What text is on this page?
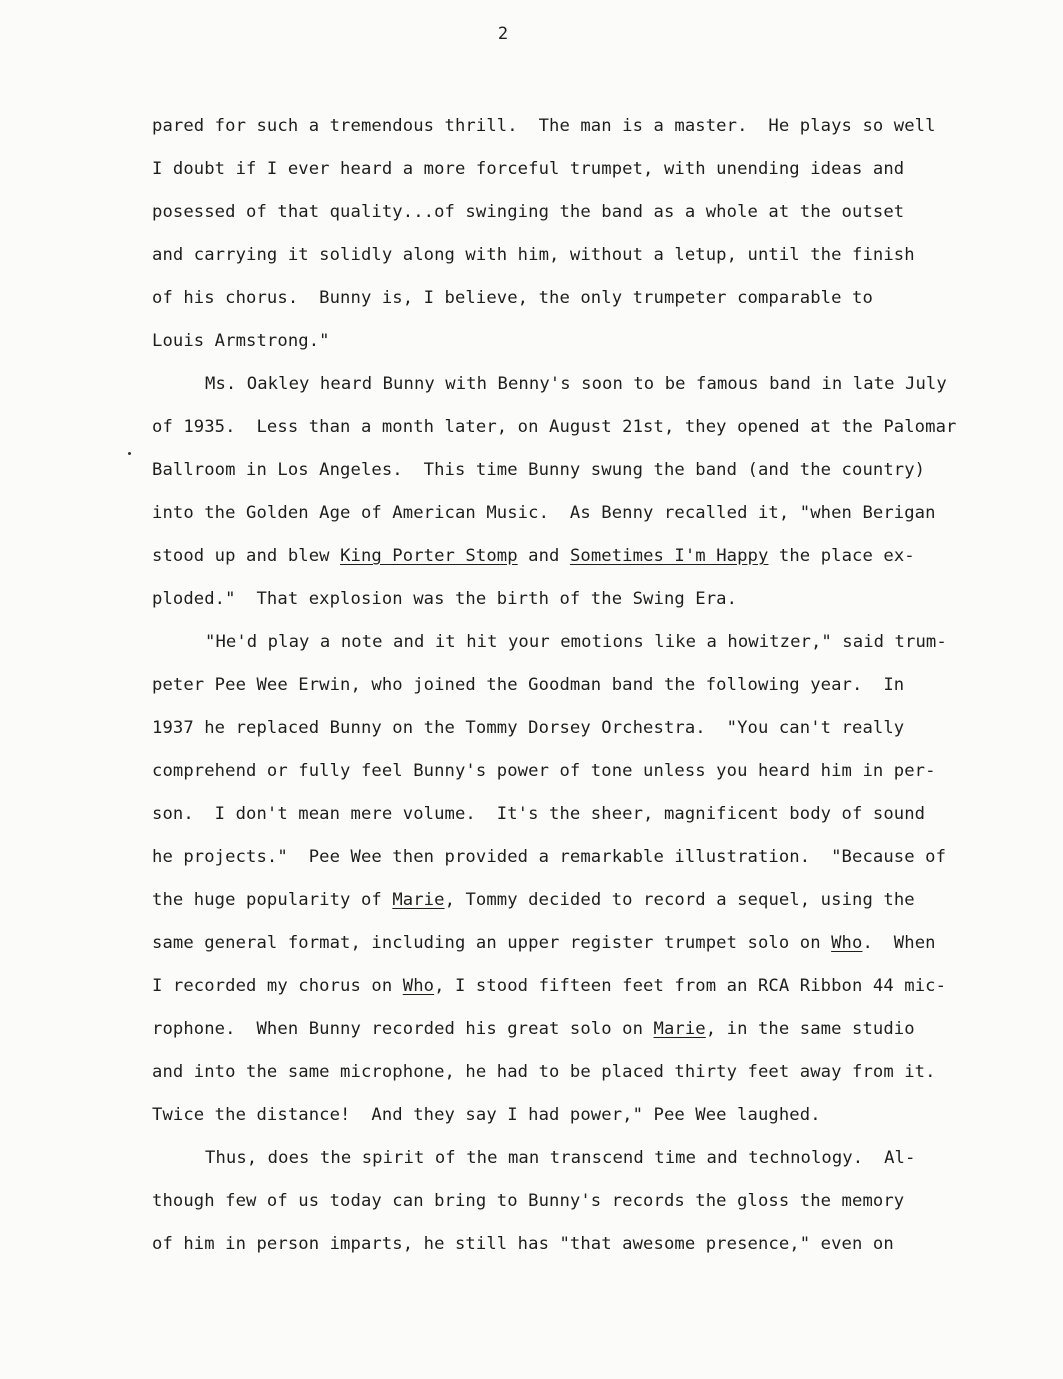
2
pared for such a tremendous thrill.  The man is a master.  He plays so well
I doubt if I ever heard a more forceful trumpet, with unending ideas and
posessed of that quality...of swinging the band as a whole at the outset
and carrying it solidly along with him, without a letup, until the finish
of his chorus.  Bunny is, I believe, the only trumpeter comparable to
Louis Armstrong."
Ms. Oakley heard Bunny with Benny's soon to be famous band in late July
of 1935.  Less than a month later, on August 21st, they opened at the Palomar
Ballroom in Los Angeles.  This time Bunny swung the band (and the country)
into the Golden Age of American Music.  As Benny recalled it, "when Berigan
stood up and blew King Porter Stomp and Sometimes I'm Happy the place ex-
ploded."  That explosion was the birth of the Swing Era.
"He'd play a note and it hit your emotions like a howitzer," said trum-
peter Pee Wee Erwin, who joined the Goodman band the following year.  In
1937 he replaced Bunny on the Tommy Dorsey Orchestra.  "You can't really
comprehend or fully feel Bunny's power of tone unless you heard him in per-
son.  I don't mean mere volume.  It's the sheer, magnificent body of sound
he projects."  Pee Wee then provided a remarkable illustration.  "Because of
the huge popularity of Marie, Tommy decided to record a sequel, using the
same general format, including an upper register trumpet solo on Who.  When
I recorded my chorus on Who, I stood fifteen feet from an RCA Ribbon 44 mic-
rophone.  When Bunny recorded his great solo on Marie, in the same studio
and into the same microphone, he had to be placed thirty feet away from it.
Twice the distance!  And they say I had power," Pee Wee laughed.
Thus, does the spirit of the man transcend time and technology.  Al-
though few of us today can bring to Bunny's records the gloss the memory
of him in person imparts, he still has "that awesome presence," even on
